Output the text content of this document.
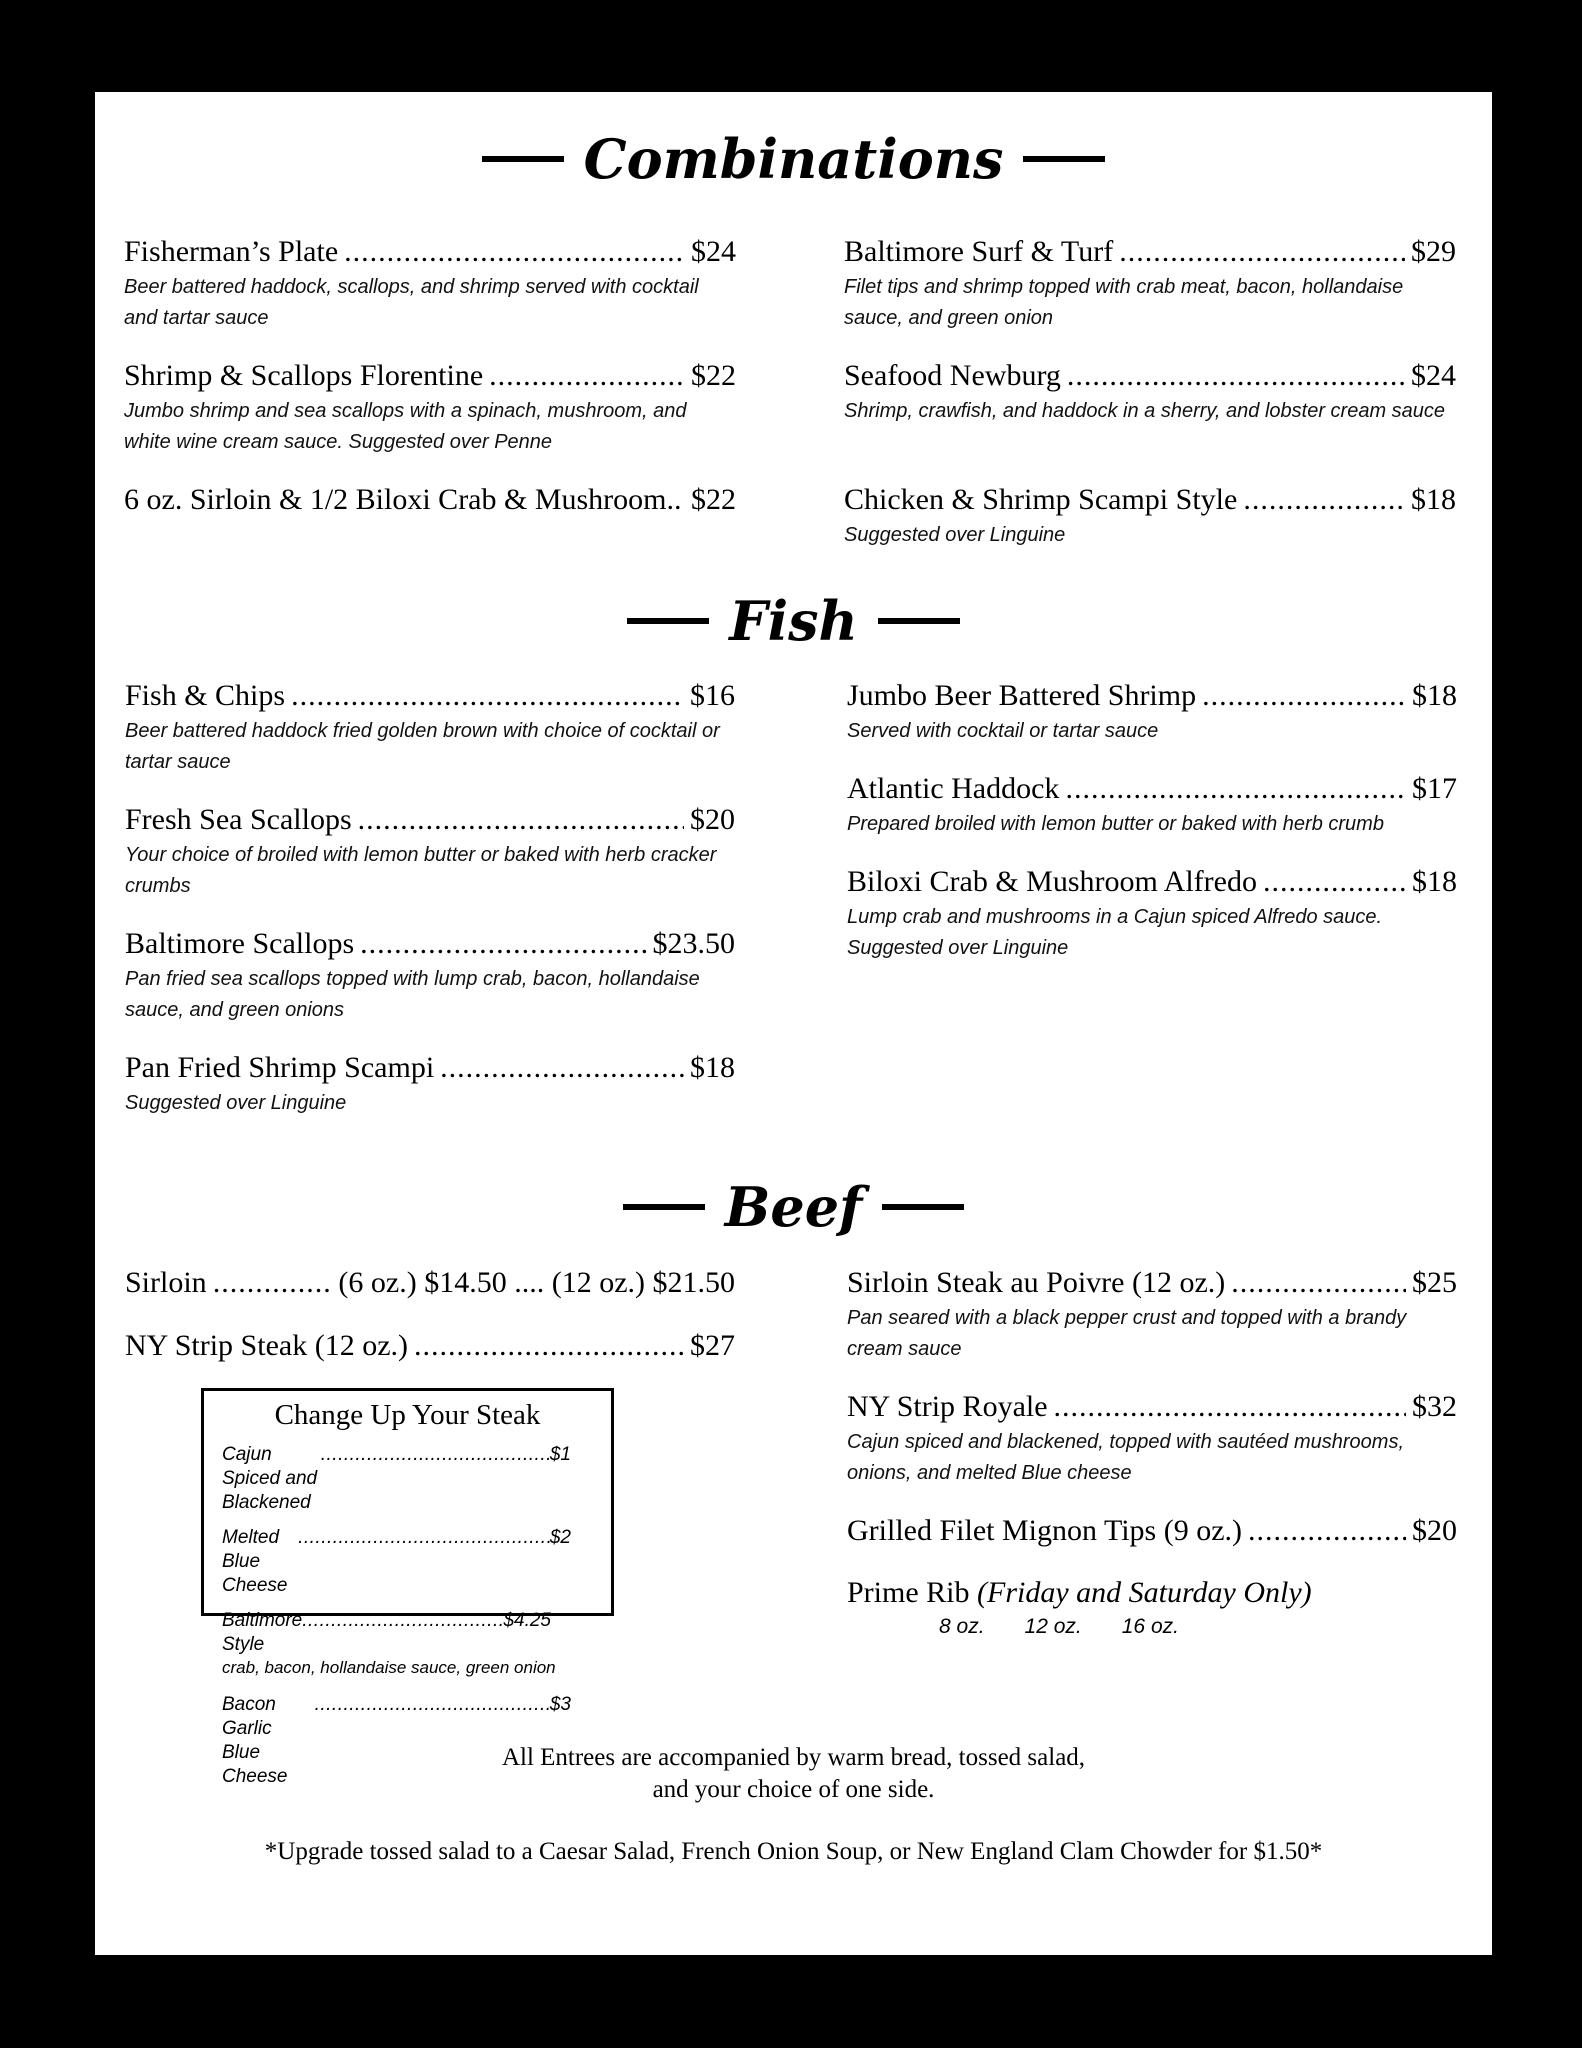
Combinations
Fisherman’s Plate .....	$24
Beer battered haddock, scallops, and shrimp served with cocktail and tartar sauce
Shrimp & Scallops Florentine .....	$22
Jumbo shrimp and sea scallops with a spinach, mushroom, and white wine cream sauce. Suggested over Penne
6 oz. Sirloin & 1/2 Biloxi Crab & Mushroom.. $22
Baltimore Surf & Turf .....	$29
Filet tips and shrimp topped with crab meat, bacon, hollandaise sauce, and green onion
Seafood Newburg .....	$24
Shrimp, crawfish, and haddock in a sherry, and lobster cream sauce
Chicken & Shrimp Scampi Style .....	$18
Suggested over Linguine
Fish
Fish & Chips .....	$16
Beer battered haddock fried golden brown with choice of cocktail or tartar sauce
Fresh Sea Scallops .....	$20
Your choice of broiled with lemon butter or baked with herb cracker crumbs
Baltimore Scallops .....	$23.50
Pan fried sea scallops topped with lump crab, bacon, hollandaise sauce, and green onions
Pan Fried Shrimp Scampi .....	$18
Suggested over Linguine
Jumbo Beer Battered Shrimp .....	$18
Served with cocktail or tartar sauce
Atlantic Haddock .....	$17
Prepared broiled with lemon butter or baked with herb crumb
Biloxi Crab & Mushroom Alfredo .....	$18
Lump crab and mushrooms in a Cajun spiced Alfredo sauce. Suggested over Linguine
Beef
Sirloin .....	(6 oz.) $14.50 .... (12 oz.) $21.50
NY Strip Steak (12 oz.) .....	$27
Change Up Your Steak
Cajun Spiced and Blackened
.....
$1
Melted Blue Cheese
.....
$2
Baltimore Style
.....
$4.25
crab, bacon, hollandaise sauce, green onion
Bacon Garlic Blue Cheese
.....
$3
Sirloin Steak au Poivre (12 oz.) .....	$25
Pan seared with a black pepper crust and topped with a brandy cream sauce
NY Strip Royale .....	$32
Cajun spiced and blackened, topped with sautéed mushrooms, onions, and melted Blue cheese
Grilled Filet Mignon Tips (9 oz.) .....	$20
Prime Rib
(Friday and Saturday Only)
8 oz. 12 oz. 16 oz.
All Entrees are accompanied by warm bread, tossed salad,
and your choice of one side.
*Upgrade tossed salad to a Caesar Salad, French Onion Soup, or New England Clam Chowder for $1.50*
